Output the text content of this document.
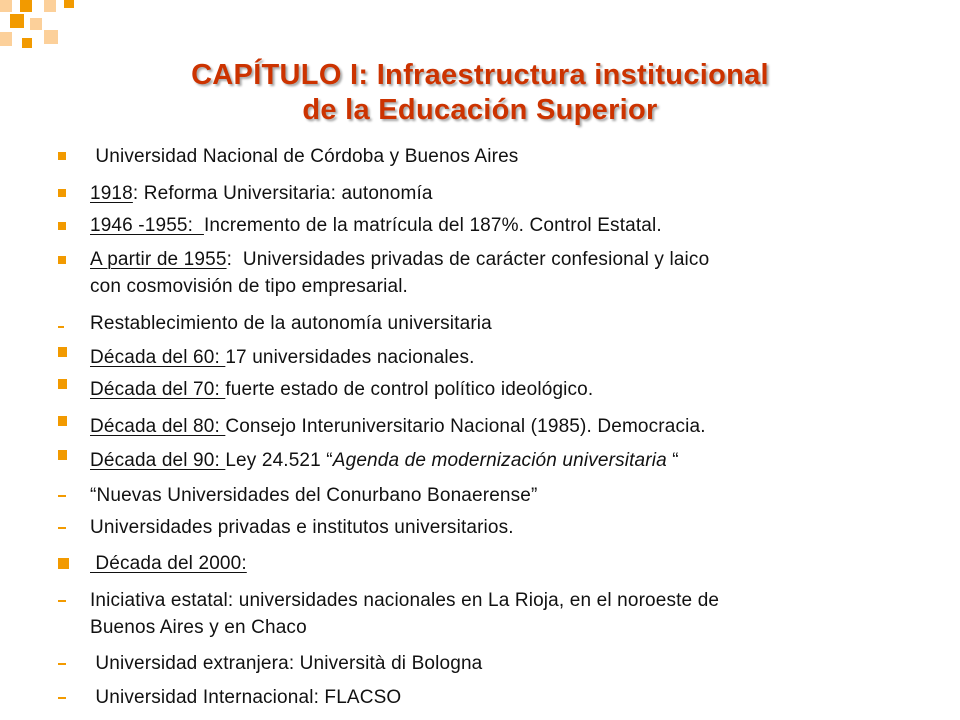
CAPÍTULO I: Infraestructura institucional
de la Educación Superior
Universidad Nacional de Córdoba y Buenos Aires
1918: Reforma Universitaria: autonomía
1946 -1955:  Incremento de la matrícula del 187%. Control Estatal.
A partir de 1955:  Universidades privadas de carácter confesional y laico
con cosmovisión de tipo empresarial.
Restablecimiento de la autonomía universitaria
Década del 60: 17 universidades nacionales.
Década del 70: fuerte estado de control político ideológico.
Década del 80: Consejo Interuniversitario Nacional (1985). Democracia.
Década del 90: Ley 24.521 “Agenda de modernización universitaria “
“Nuevas Universidades del Conurbano Bonaerense”
Universidades privadas e institutos universitarios.
Década del 2000:
Iniciativa estatal: universidades nacionales en La Rioja, en el noroeste de
Buenos Aires y en Chaco
Universidad extranjera: Università di Bologna
Universidad Internacional: FLACSO
